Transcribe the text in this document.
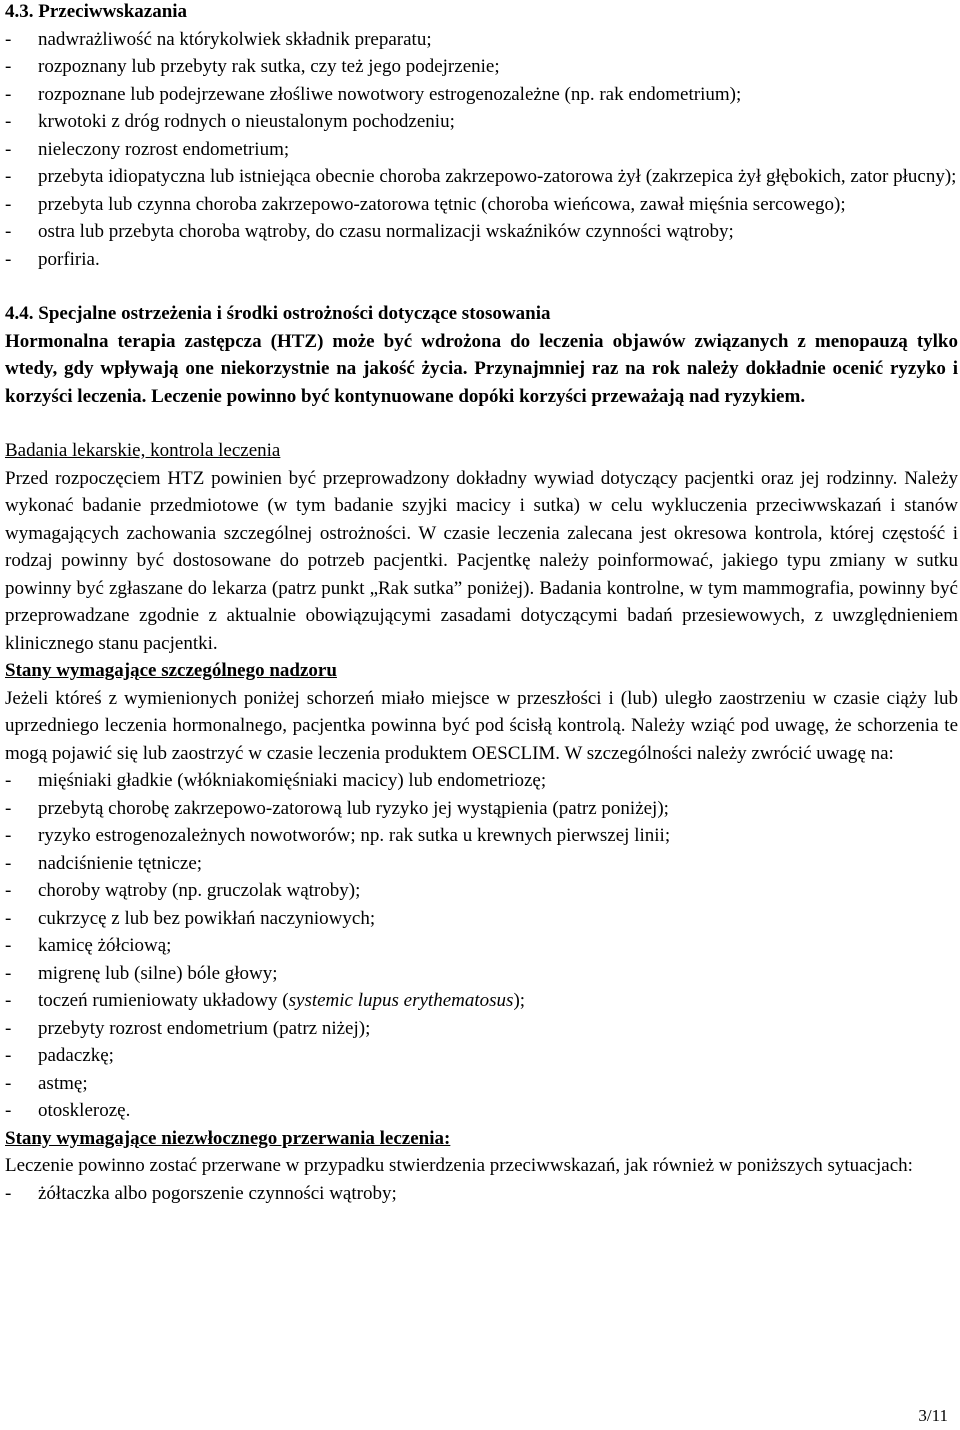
4.3. Przeciwwskazania

- nadwrażliwość na którykolwiek składnik preparatu;
- rozpoznany lub przebyty rak sutka, czy też jego podejrzenie;
- rozpoznane lub podejrzewane złośliwe nowotwory estrogenozależne (np. rak endometrium);
- krwotoki z dróg rodnych o nieustalonym pochodzeniu;
- nieleczony rozrost endometrium;
- przebyta idiopatyczna lub istniejąca obecnie choroba zakrzepowo-zatorowa żył (zakrzepica żył głębokich, zator płucny);
- przebyta lub czynna choroba zakrzepowo-zatorowa tętnic (choroba wieńcowa, zawał mięśnia sercowego);
- ostra lub przebyta choroba wątroby, do czasu normalizacji wskaźników czynności wątroby;
- porfiria.

4.4. Specjalne ostrzeżenia i środki ostrożności dotyczące stosowania

Hormonalna terapia zastępcza (HTZ) może być wdrożona do leczenia objawów związanych z menopauzą tylko wtedy, gdy wpływają one niekorzystnie na jakość życia. Przynajmniej raz na rok należy dokładnie ocenić ryzyko i korzyści leczenia. Leczenie powinno być kontynuowane dopóki korzyści przeważają nad ryzykiem.

Badania lekarskie, kontrola leczenia

Przed rozpoczęciem HTZ powinien być przeprowadzony dokładny wywiad dotyczący pacjentki oraz jej rodzinny. Należy wykonać badanie przedmiotowe (w tym badanie szyjki macicy i sutka) w celu wykluczenia przeciwwskazań i stanów wymagających zachowania szczególnej ostrożności. W czasie leczenia zalecana jest okresowa kontrola, której częstość i rodzaj powinny być dostosowane do potrzeb pacjentki. Pacjentkę należy poinformować, jakiego typu zmiany w sutku powinny być zgłaszane do lekarza (patrz punkt „Rak sutka” poniżej). Badania kontrolne, w tym mammografia, powinny być przeprowadzane zgodnie z aktualnie obowiązującymi zasadami dotyczącymi badań przesiewowych, z uwzględnieniem klinicznego stanu pacjentki.

Stany wymagające szczególnego nadzoru

Jeżeli któreś z wymienionych poniżej schorzeń miało miejsce w przeszłości i (lub) uległo zaostrzeniu w czasie ciąży lub uprzedniego leczenia hormonalnego, pacjentka powinna być pod ścisłą kontrolą. Należy wziąć pod uwagę, że schorzenia te mogą pojawić się lub zaostrzyć w czasie leczenia produktem OESCLIM. W szczególności należy zwrócić uwagę na:

- mięśniaki gładkie (włókniakomięśniaki macicy) lub endometriozę;
- przebytą chorobę zakrzepowo-zatorową lub ryzyko jej wystąpienia (patrz poniżej);
- ryzyko estrogenozależnych nowotworów; np. rak sutka u krewnych pierwszej linii;
- nadciśnienie tętnicze;
- choroby wątroby (np. gruczolak wątroby);
- cukrzycę z lub bez powikłań naczyniowych;
- kamicę żółciową;
- migrenę lub (silne) bóle głowy;
- toczeń rumieniowaty układowy (systemic lupus erythematosus);
- przebyty rozrost endometrium (patrz niżej);
- padaczkę;
- astmę;
- otosklerozę.

Stany wymagające niezwłocznego przerwania leczenia:

Leczenie powinno zostać przerwane w przypadku stwierdzenia przeciwwskazań, jak również w poniższych sytuacjach:

- żółtaczka albo pogorszenie czynności wątroby;
3/11
